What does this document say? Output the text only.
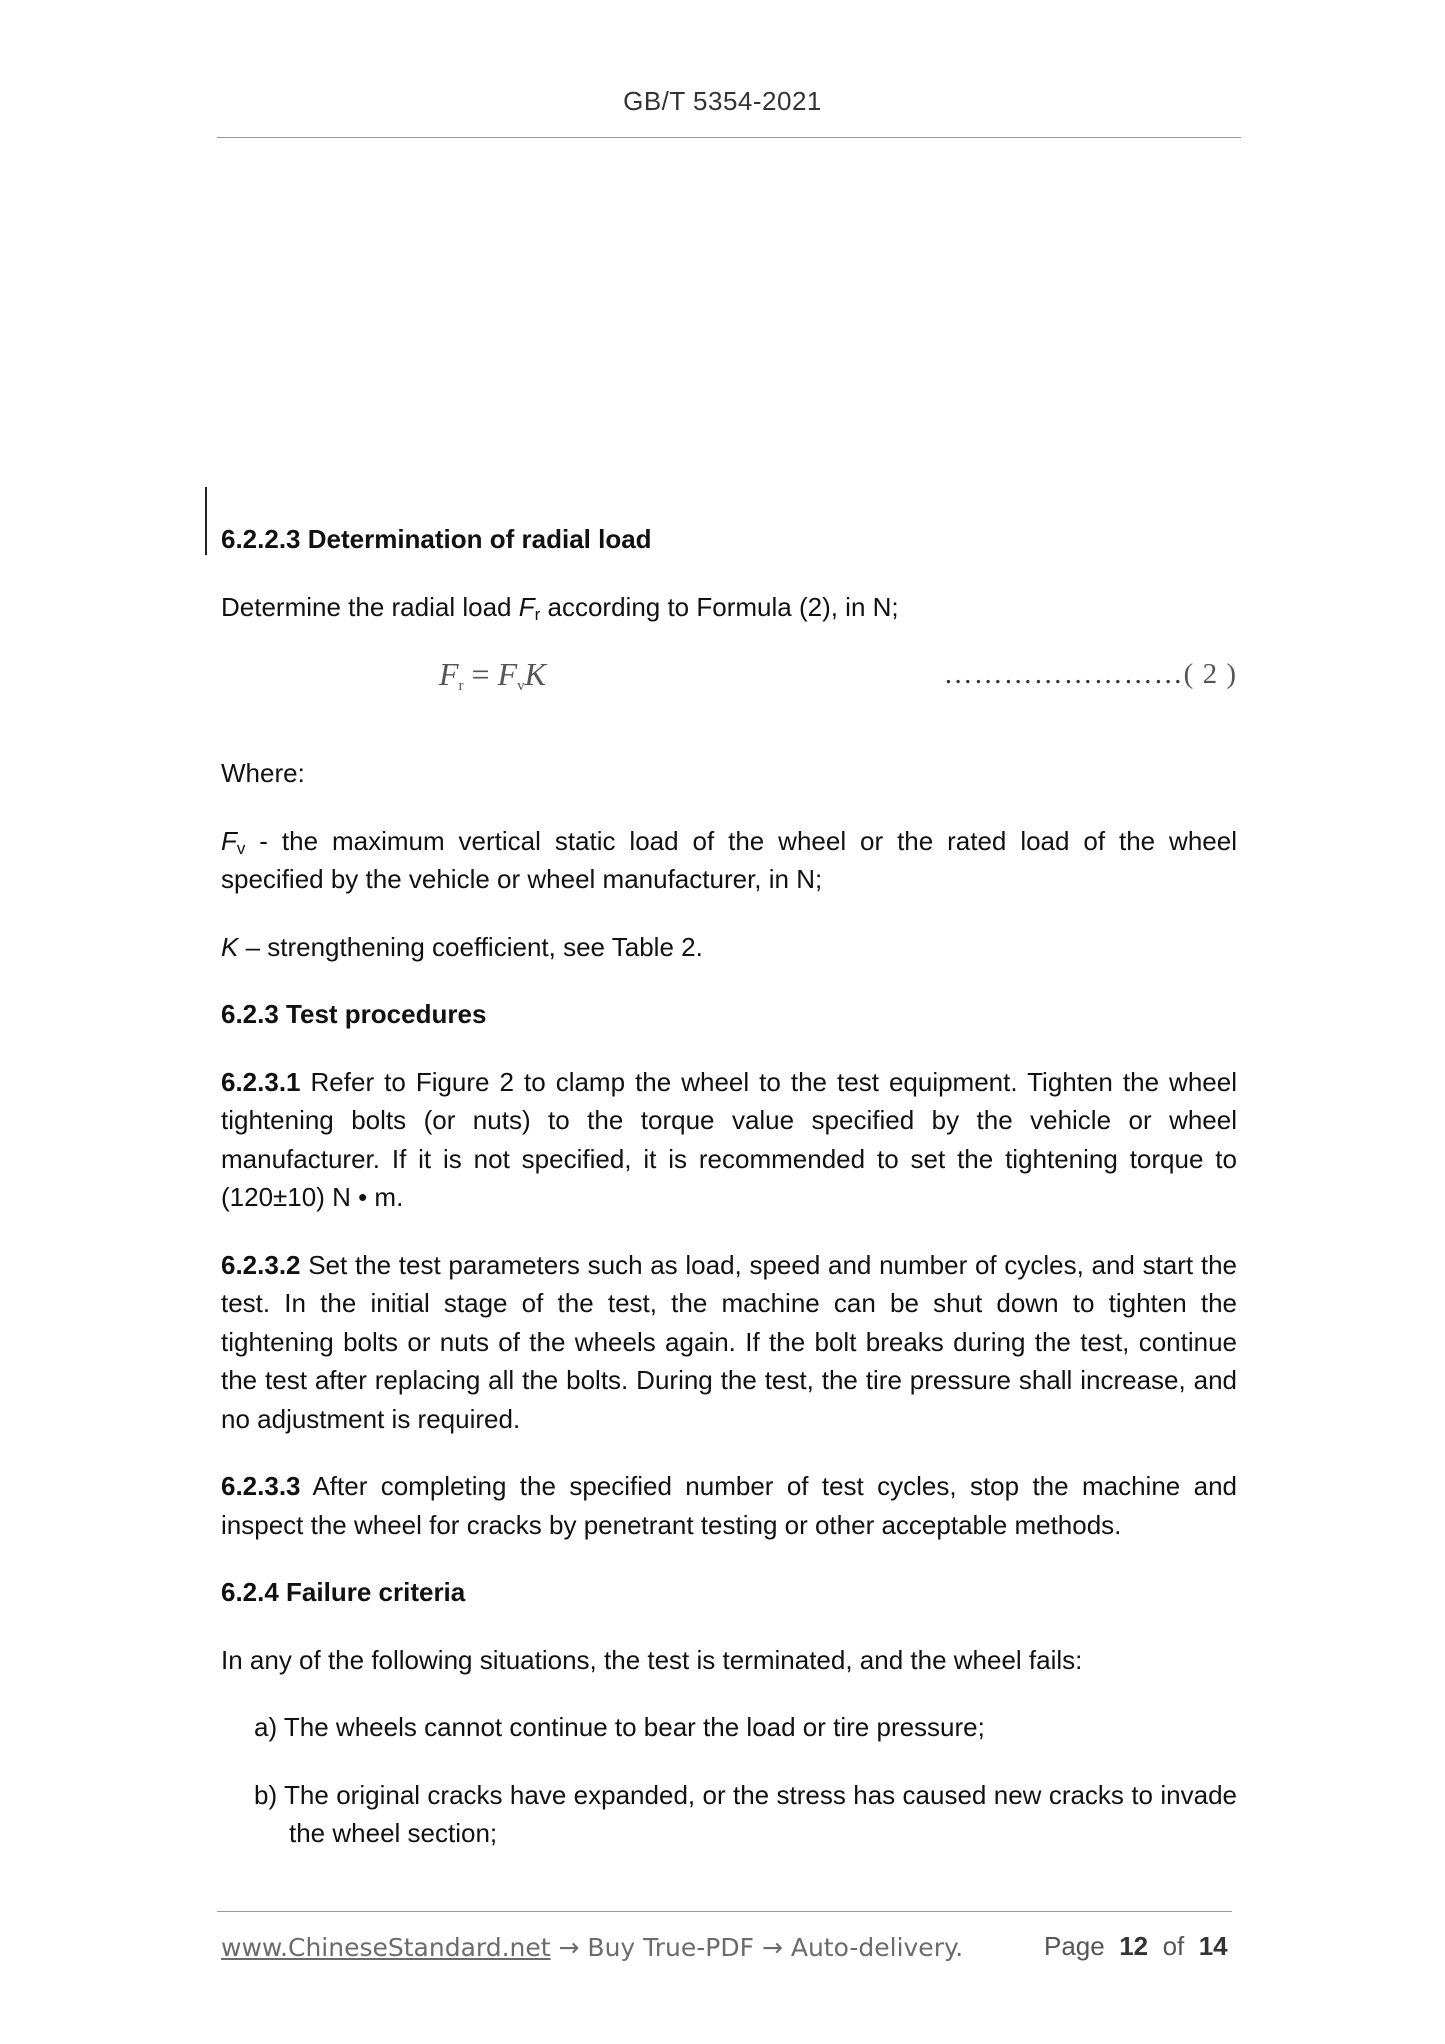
GB/T 5354-2021

6.2.2.3 Determination of radial load

Determine the radial load $F_r$ according to Formula (2), in N;

$F_r = F_vK$	……………………( 2 )

Where:

$F_v$ - the maximum vertical static load of the wheel or the rated load of the wheel specified by the vehicle or wheel manufacturer, in N;

K – strengthening coefficient, see Table 2.

6.2.3 Test procedures

6.2.3.1 Refer to Figure 2 to clamp the wheel to the test equipment. Tighten the wheel tightening bolts (or nuts) to the torque value specified by the vehicle or wheel manufacturer. If it is not specified, it is recommended to set the tightening torque to (120±10) N • m.

6.2.3.2 Set the test parameters such as load, speed and number of cycles, and start the test. In the initial stage of the test, the machine can be shut down to tighten the tightening bolts or nuts of the wheels again. If the bolt breaks during the test, continue the test after replacing all the bolts. During the test, the tire pressure shall increase, and no adjustment is required.

6.2.3.3 After completing the specified number of test cycles, stop the machine and inspect the wheel for cracks by penetrant testing or other acceptable methods.

6.2.4 Failure criteria

In any of the following situations, the test is terminated, and the wheel fails:

a) The wheels cannot continue to bear the load or tire pressure;

b) The original cracks have expanded, or the stress has caused new cracks to invade the wheel section;

www.ChineseStandard.net → Buy True-PDF → Auto-delivery.	Page 12 of 14
